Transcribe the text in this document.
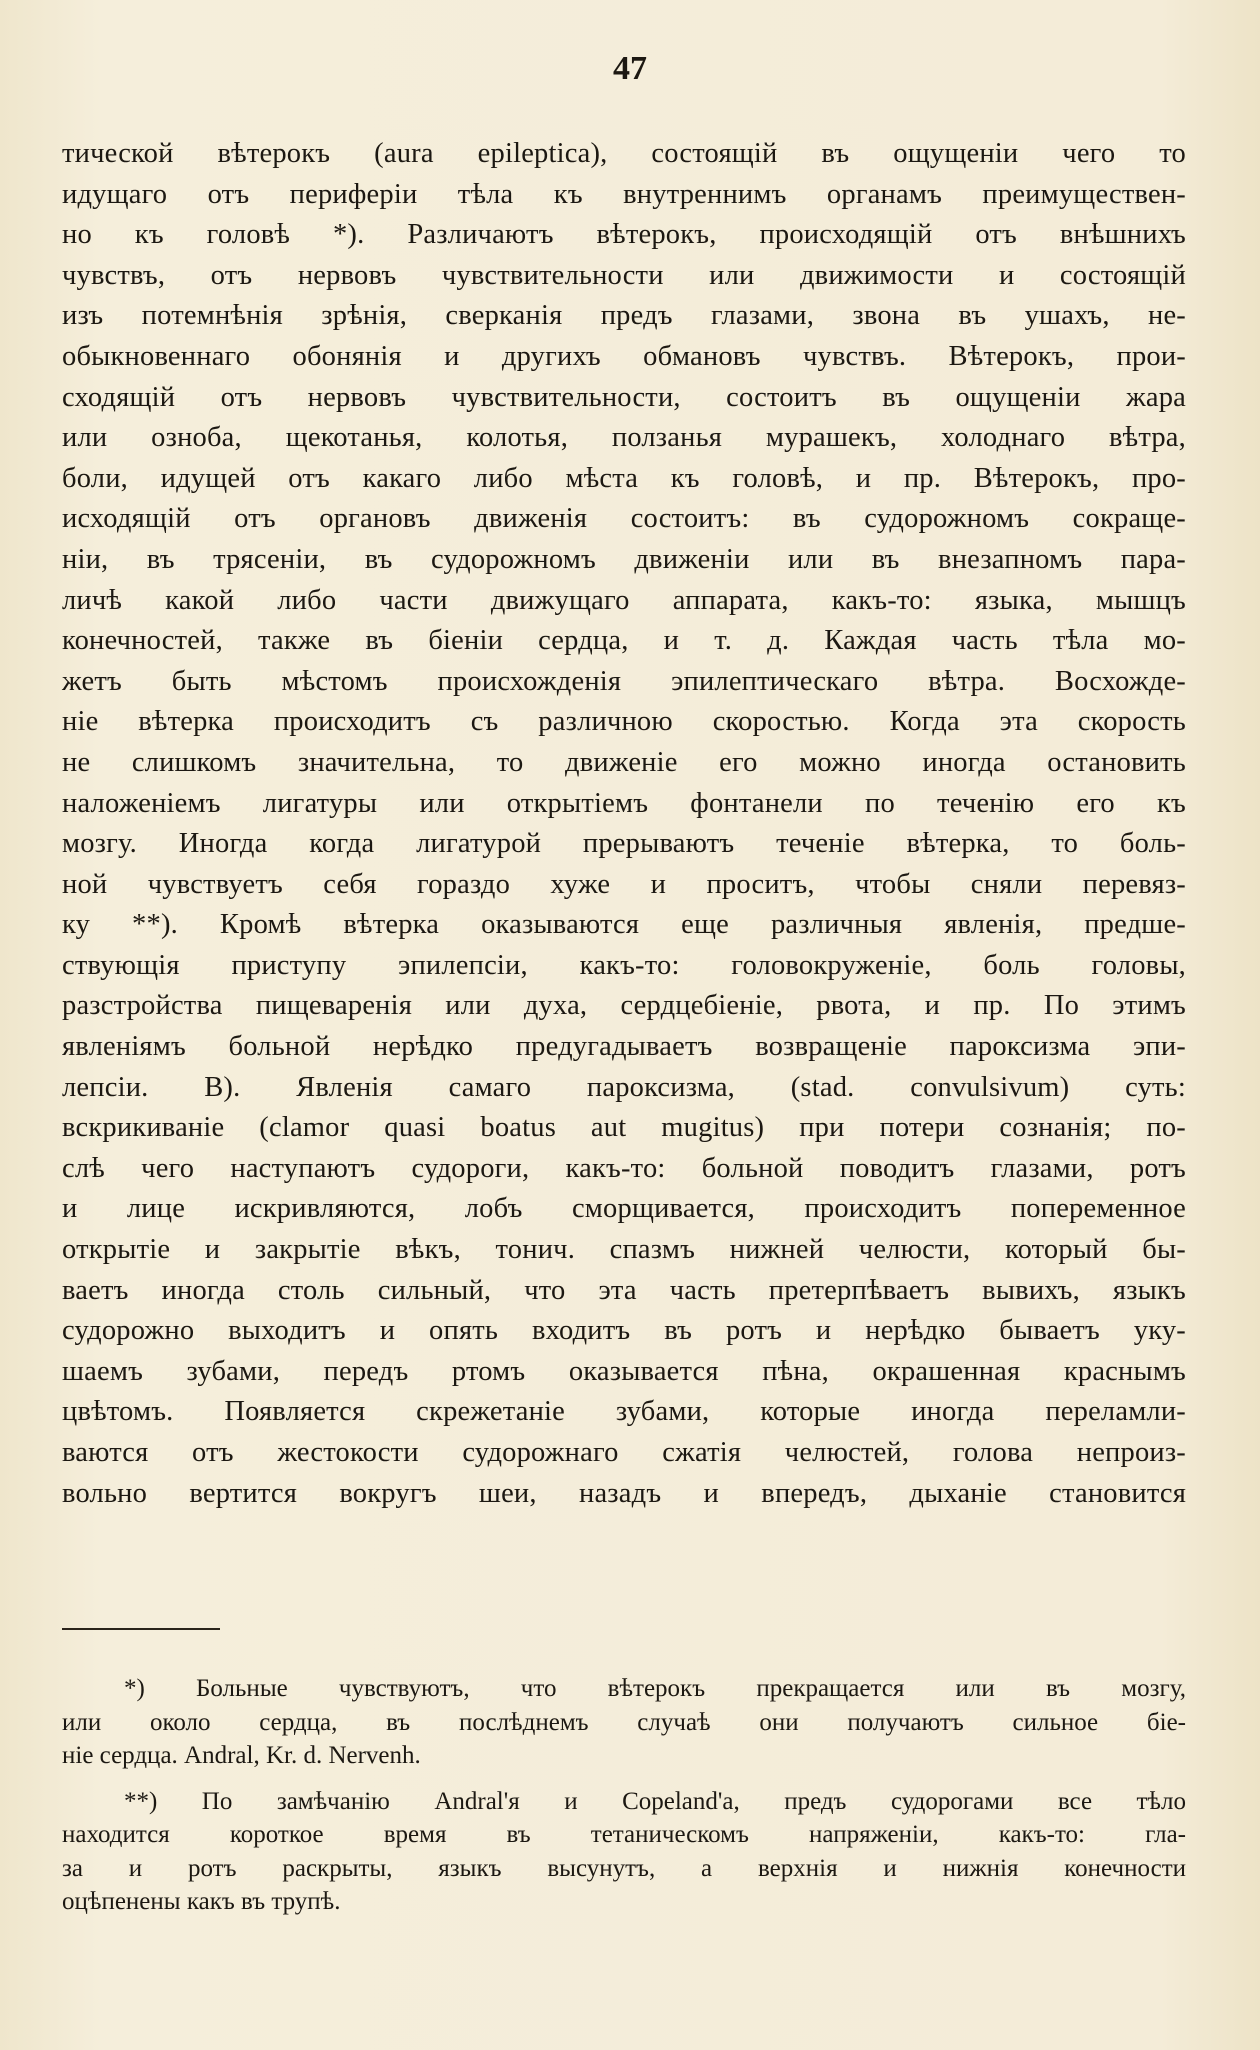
47
тической вѣтерокъ (aura epileptica), состоящій въ ощущеніи чего то
идущаго отъ периферіи тѣла къ внутреннимъ органамъ преимуществен-
но къ головѣ *). Различаютъ вѣтерокъ, происходящій отъ внѣшнихъ
чувствъ, отъ нервовъ чувствительности или движимости и состоящій
изъ потемнѣнія зрѣнія, сверканія предъ глазами, звона въ ушахъ, не-
обыкновеннаго обонянія и другихъ обмановъ чувствъ. Вѣтерокъ, прои-
сходящій отъ нервовъ чувствительности, состоитъ въ ощущеніи жара
или озноба, щекотанья, колотья, ползанья мурашекъ, холоднаго вѣтра,
боли, идущей отъ какаго либо мѣста къ головѣ, и пр. Вѣтерокъ, про-
исходящій отъ органовъ движенія состоитъ: въ судорожномъ сокраще-
ніи, въ трясеніи, въ судорожномъ движеніи или въ внезапномъ пара-
личѣ какой либо части движущаго аппарата, какъ-то: языка, мышцъ
конечностей, также въ біеніи сердца, и т. д. Каждая часть тѣла мо-
жетъ быть мѣстомъ происхожденія эпилептическаго вѣтра. Восхожде-
ніе вѣтерка происходитъ съ различною скоростью. Когда эта скорость
не слишкомъ значительна, то движеніе его можно иногда остановить
наложеніемъ лигатуры или открытіемъ фонтанели по теченію его къ
мозгу. Иногда когда лигатурой прерываютъ теченіе вѣтерка, то боль-
ной чувствуетъ себя гораздо хуже и проситъ, чтобы сняли перевяз-
ку **). Кромѣ вѣтерка оказываются еще различныя явленія, предше-
ствующія приступу эпилепсіи, какъ-то: головокруженіе, боль головы,
разстройства пищеваренія или духа, сердцебіеніе, рвота, и пр. По этимъ
явленіямъ больной нерѣдко предугадываетъ возвращеніе пароксизма эпи-
лепсіи. В). Явленія самаго пароксизма, (stad. convulsivum) суть:
вскрикиваніе (clamor quasi boatus aut mugitus) при потери сознанія; по-
слѣ чего наступаютъ судороги, какъ-то: больной поводитъ глазами, ротъ
и лице искривляются, лобъ сморщивается, происходитъ попеременное
открытіе и закрытіе вѣкъ, тонич. спазмъ нижней челюсти, который бы-
ваетъ иногда столь сильный, что эта часть претерпѣваетъ вывихъ, языкъ
судорожно выходитъ и опять входитъ въ ротъ и нерѣдко бываетъ уку-
шаемъ зубами, передъ ртомъ оказывается пѣна, окрашенная краснымъ
цвѣтомъ. Появляется скрежетаніе зубами, которые иногда переламли-
ваются отъ жестокости судорожнаго сжатія челюстей, голова непроиз-
вольно вертится вокругъ шеи, назадъ и впередъ, дыханіе становится
*) Больные чувствуютъ, что вѣтерокъ прекращается или въ мозгу,
или около сердца, въ послѣднемъ случаѣ они получаютъ сильное біе-
ніе сердца. Andral, Kr. d. Nervenh.
**) По замѣчанію Andral'я и Copeland'а, предъ судорогами все тѣло
находится короткое время въ тетаническомъ напряженіи, какъ-то: гла-
за и ротъ раскрыты, языкъ высунутъ, а верхнія и нижнія конечности
оцѣпенены какъ въ трупѣ.
